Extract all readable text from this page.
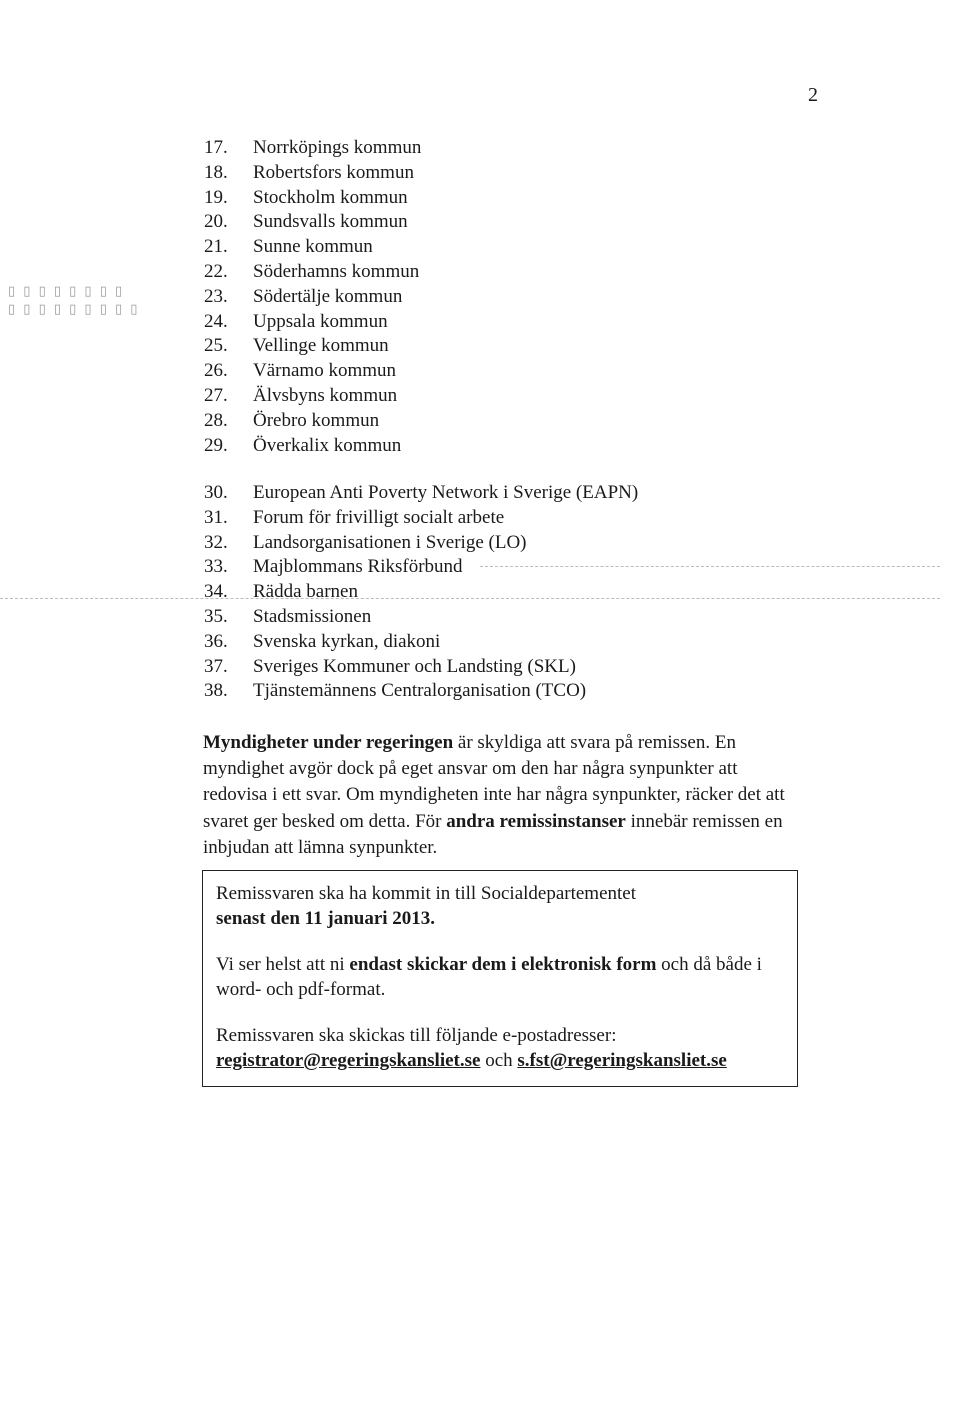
2
▯ ▯ ▯ ▯ ▯ ▯ ▯ ▯
▯ ▯ ▯ ▯ ▯ ▯ ▯ ▯ ▯
17. Norrköpings kommun
18. Robertsfors kommun
19. Stockholm kommun
20. Sundsvalls kommun
21. Sunne kommun
22. Söderhamns kommun
23. Södertälje kommun
24. Uppsala kommun
25. Vellinge kommun
26. Värnamo kommun
27. Älvsbyns kommun
28. Örebro kommun
29. Överkalix kommun
30. European Anti Poverty Network i Sverige (EAPN)
31. Forum för frivilligt socialt arbete
32. Landsorganisationen i Sverige (LO)
33. Majblommans Riksförbund
34. Rädda barnen
35. Stadsmissionen
36. Svenska kyrkan, diakoni
37. Sveriges Kommuner och Landsting (SKL)
38. Tjänstemännens Centralorganisation (TCO)
Myndigheter under regeringen är skyldiga att svara på remissen. En myndighet avgör dock på eget ansvar om den har några synpunkter att redovisa i ett svar. Om myndigheten inte har några synpunkter, räcker det att svaret ger besked om detta. För andra remissinstanser innebär remissen en inbjudan att lämna synpunkter.

Remissvaren ska ha kommit in till Socialdepartementet

senast den 11 januari 2013.

Vi ser helst att ni endast skickar dem i elektronisk form och då både i word- och pdf-format.

Remissvaren ska skickas till följande e-postadresser:

registrator@regeringskansliet.se och s.fst@regeringskansliet.se
